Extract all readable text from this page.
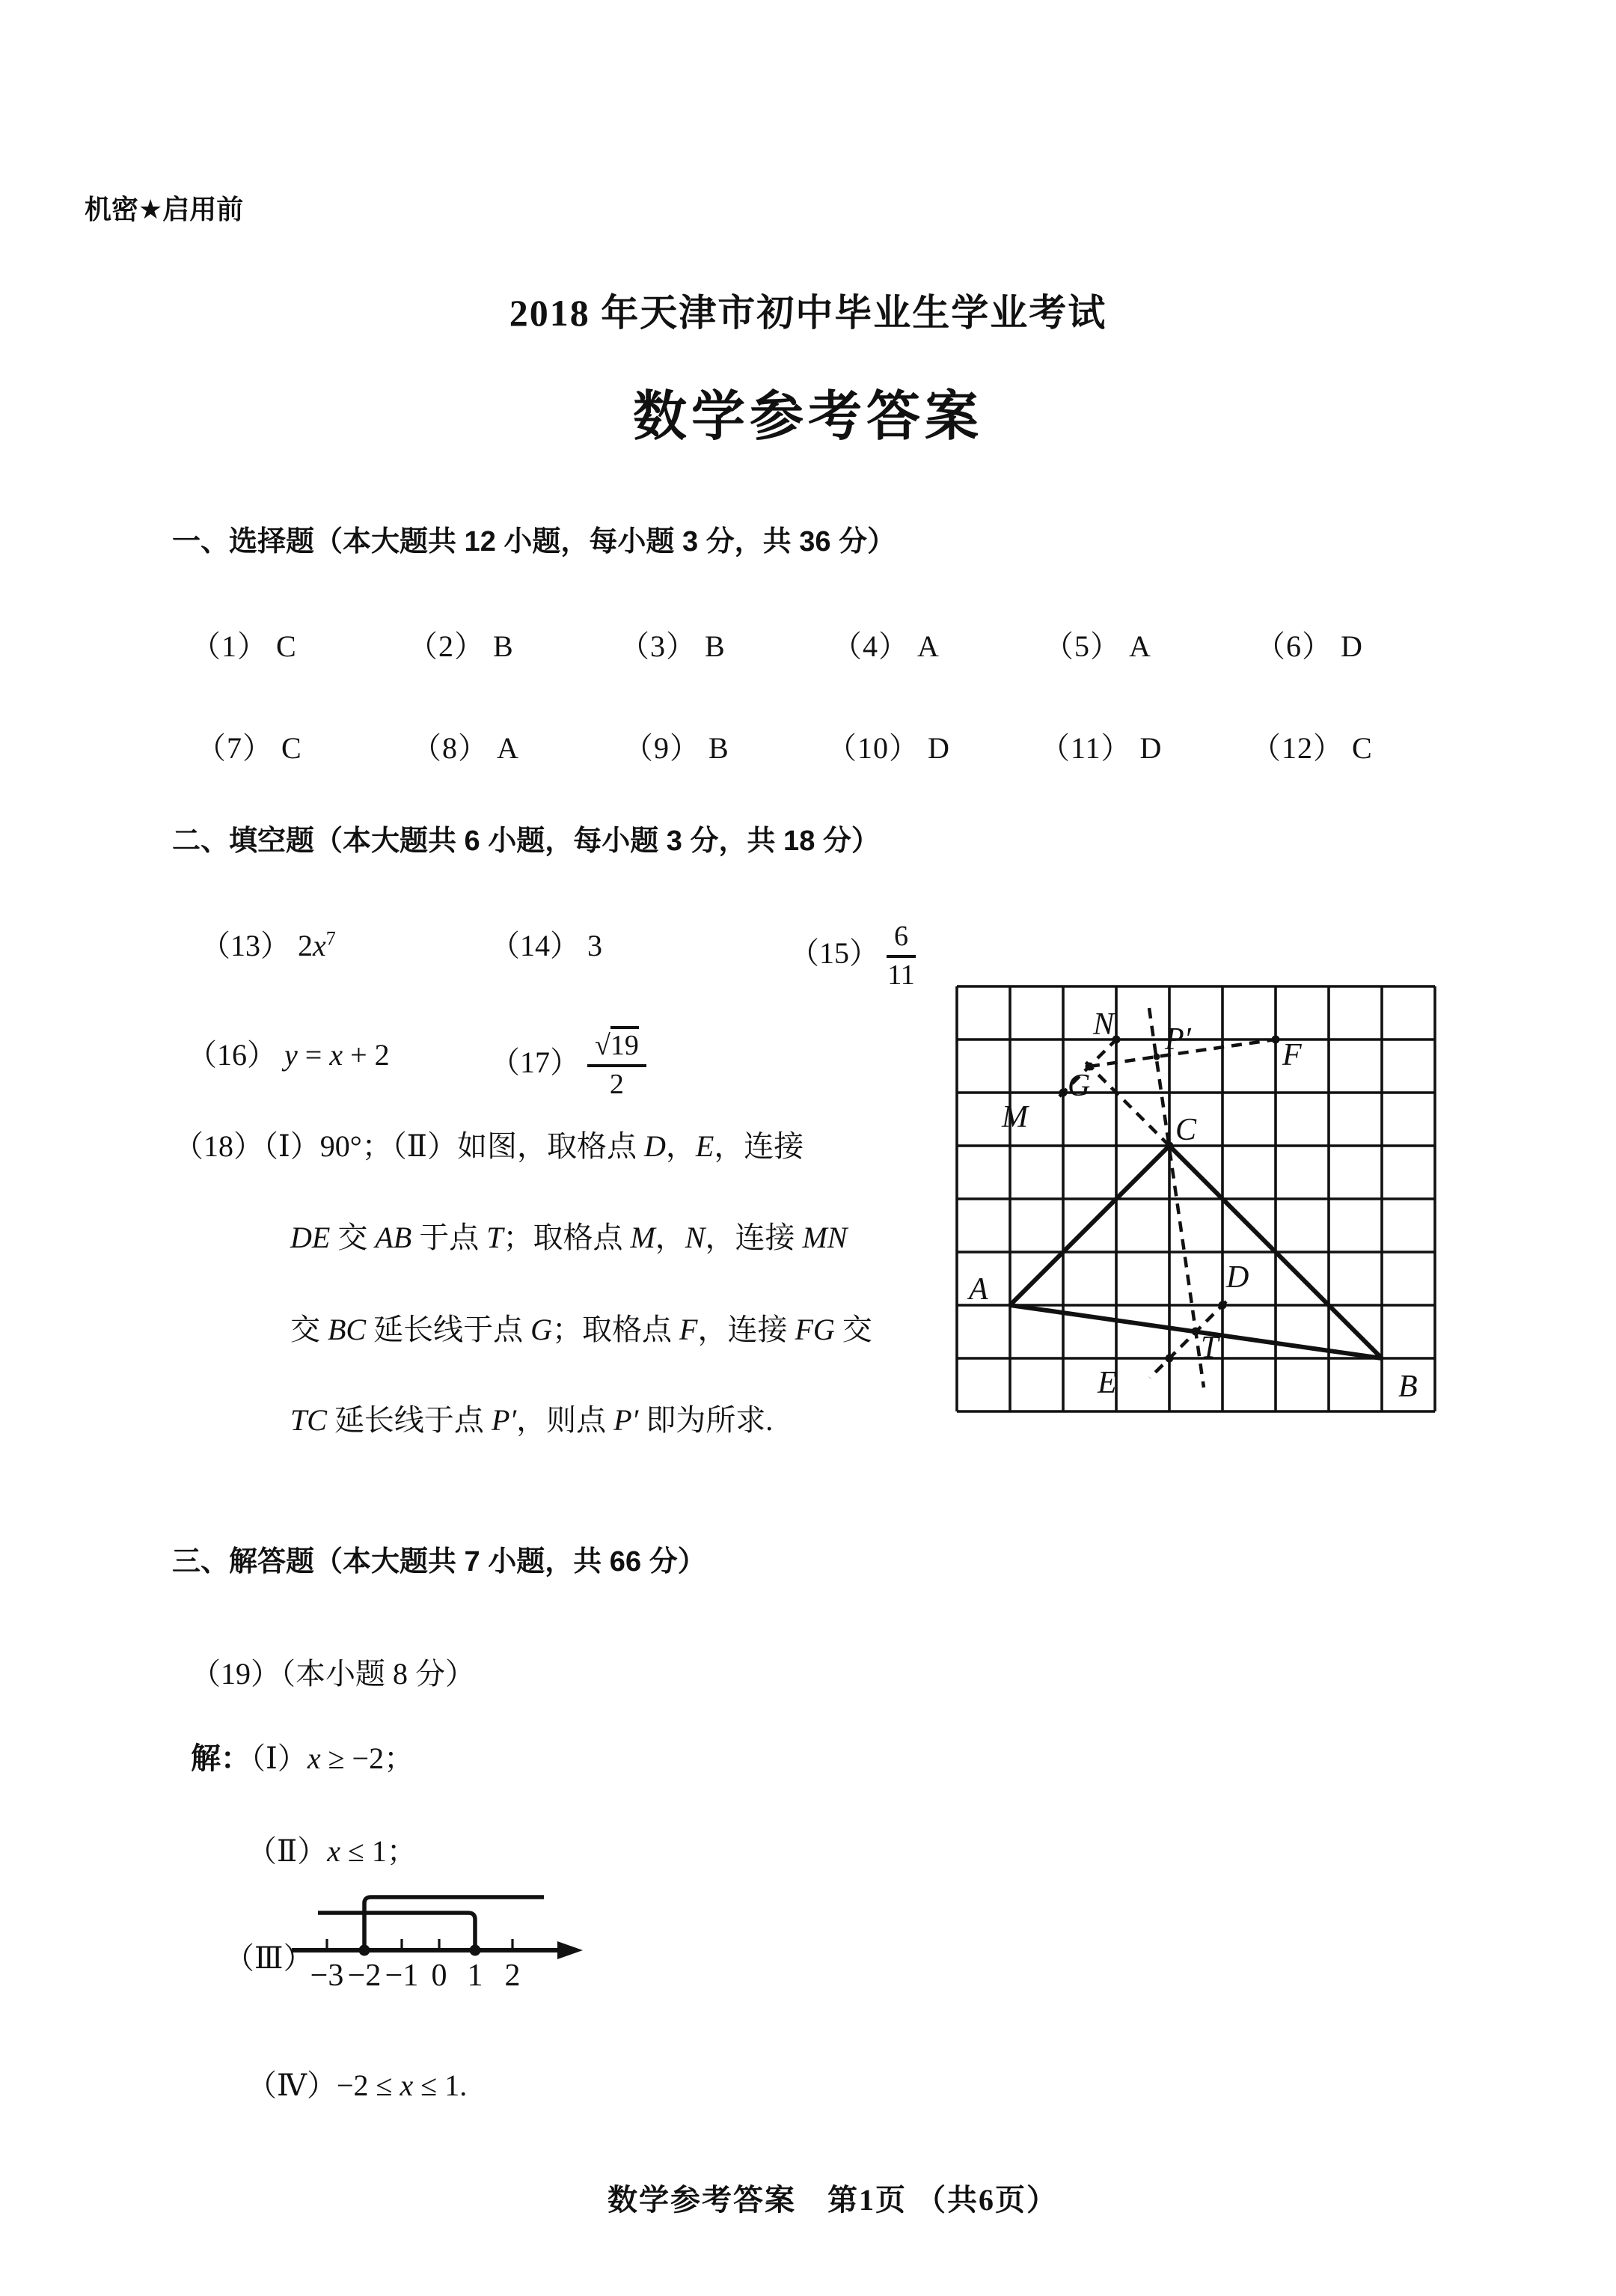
机密★启用前
2018 年天津市初中毕业生学业考试
数学参考答案
一、选择题（本大题共 12 小题，每小题 3 分，共 36 分）
（1） C	（2） B	（3） B	（4） A	（5） A	（6） D
（7） C	（8） A	（9） B	（10） D	（11） D	（12） C
二、填空题（本大题共 6 小题，每小题 3 分，共 18 分）
（13） $2x^7$	（14） 3	$(15) \frac{6}{11}$
（16） y = x + 2	$(17) \frac{√19}{2}$
（18）（Ⅰ）90°；（Ⅱ）如图，取格点 D，E，连接
DE 交 AB 于点 T；取格点 M，N，连接 MN
交 BC 延长线于点 G；取格点 F，连接 FG 交
TC 延长线于点 P′，则点 P′ 即为所求.
A
B
C
D
E
F
G
M
N
T
P′
三、解答题（本大题共 7 小题，共 66 分）
（19）（本小题 8 分）
解：（Ⅰ）x ≥ −2；
（Ⅱ）x ≤ 1；
（Ⅲ）
−3 −2 −1 0 1 2
（Ⅳ）−2 ≤ x ≤ 1.
数学参考答案　第1页 （共6页）
